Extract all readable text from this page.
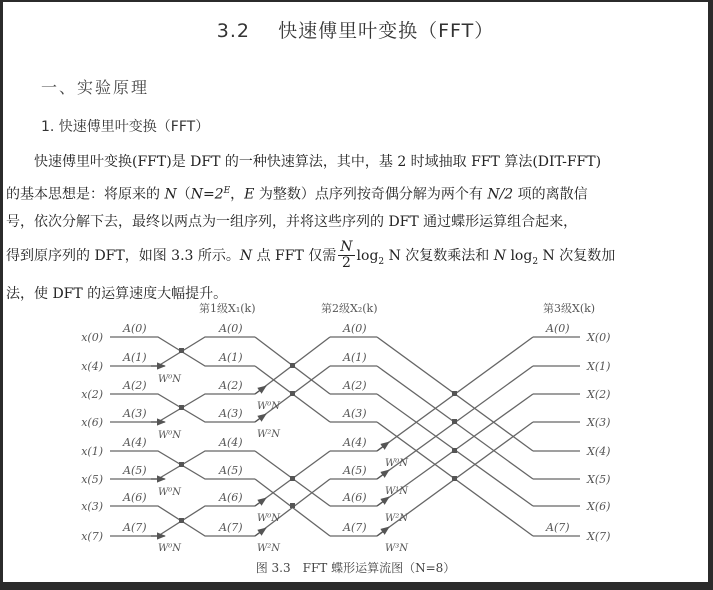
3.2 快速傅里叶变换（FFT）
一、实验原理
1. 快速傅里叶变换（FFT）
快速傅里叶变换(FFT)是 DFT 的一种快速算法，其中，基 2 时域抽取 FFT 算法(DIT-FFT)
的基本思想是：将原来的 $N(N=2^E$，E 为整数）点序列按奇偶分解为两个有 N/2 项的离散信
号，依次分解下去，最终以两点为一组序列，并将这些序列的 DFT 通过蝶形运算组合起来，
得到原序列的 DFT，如图 3.3 所示。N 点 FFT 仅需 $\frac{N}{2} \log_2 N$ 次复数乘法和 N $\log_2 N$ 次复数加
法，使 DFT 的运算速度大幅提升。
第1级X₁(k)	第2级X₂(k)	第3级X(k)
x(0)
x(4)
x(2)
x(6)
x(1)
x(5)
x(3)
x(7)
X(0)
X(1)
X(2)
X(3)
X(4)
X(5)
X(6)
X(7)
A(0)
A(1)
A(2)
A(3)
A(4)
A(5)
A(6)
A(7)
A(0)
A(1)
A(2)
A(3)
A(4)
A(5)
A(6)
A(7)
A(0)
A(1)
A(2)
A(3)
A(4)
A(5)
A(6)
A(7)
A(0)
A(7)
W⁰N
W⁰N
W⁰N
W⁰N
W⁰N
W²N
W⁰N
W²N
W⁰N
W¹N
W²N
W³N
图 3.3　FFT 蝶形运算流图（N=8）
